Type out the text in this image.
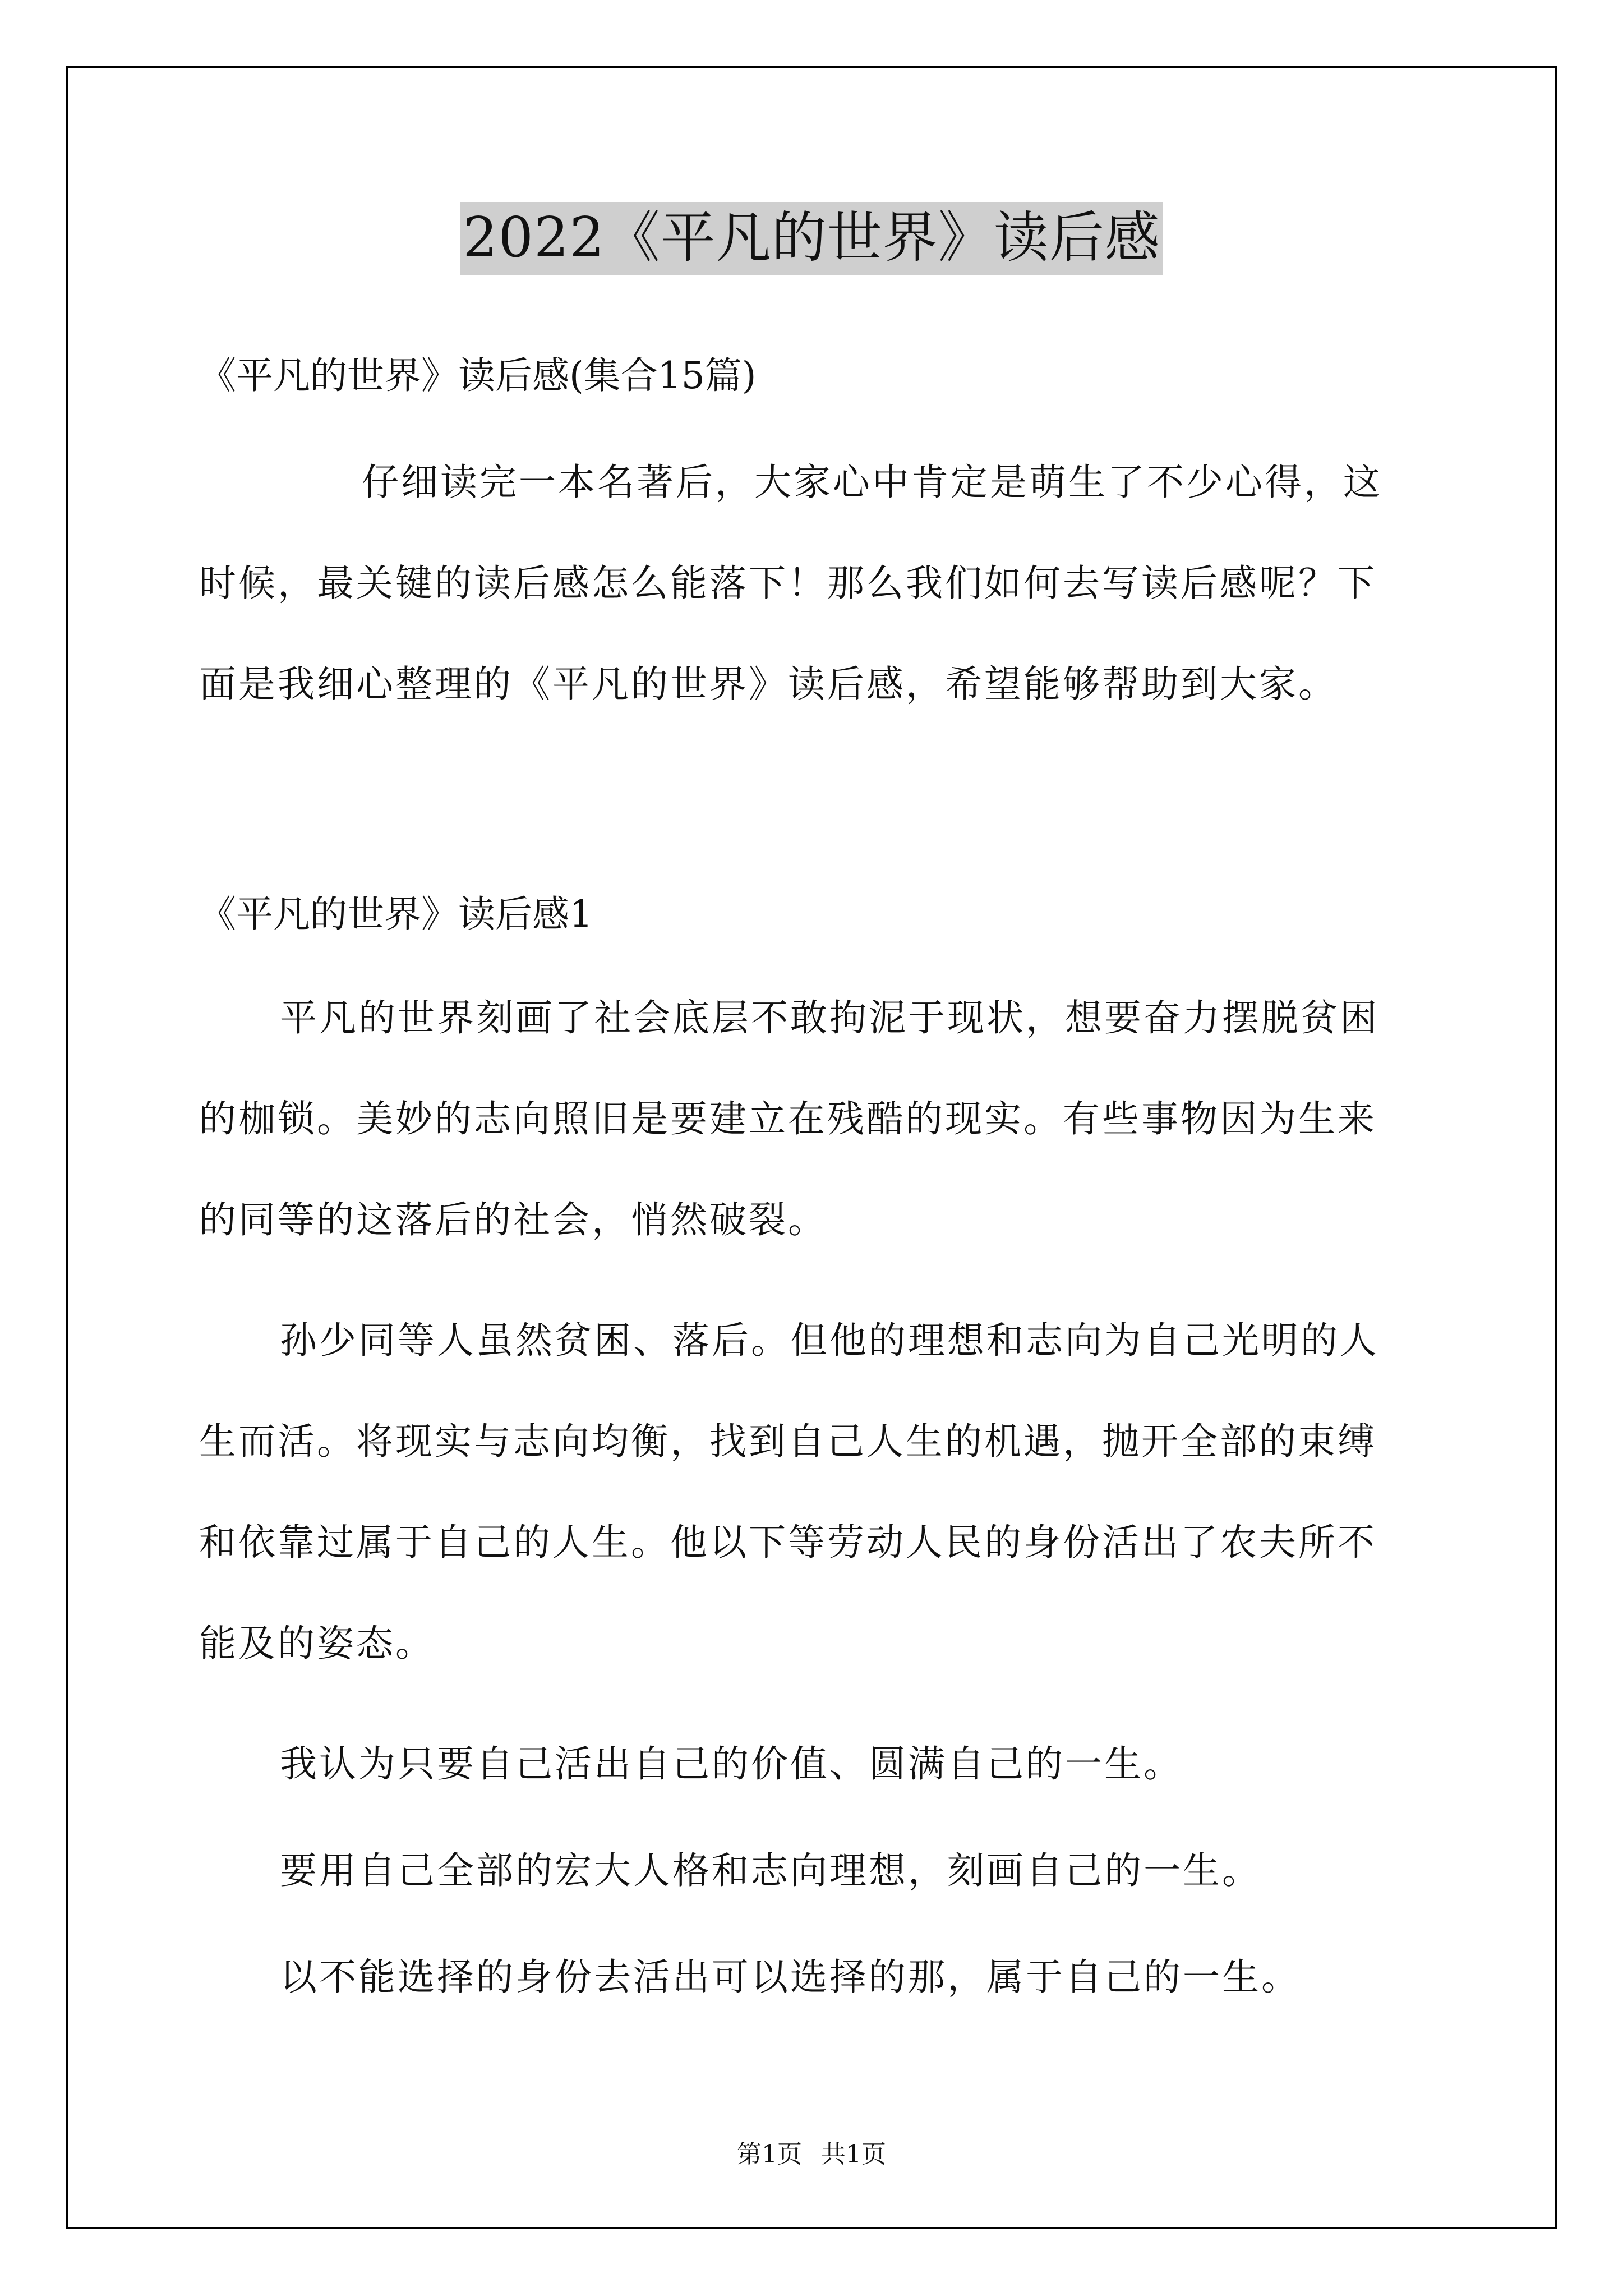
2022《平凡的世界》读后感
《平凡的世界》读后感(集合15篇)
仔细读完一本名著后，大家心中肯定是萌生了不少心得，这
时候，最关键的读后感怎么能落下！那么我们如何去写读后感呢？下
面是我细心整理的《平凡的世界》读后感，希望能够帮助到大家。
《平凡的世界》读后感1
平凡的世界刻画了社会底层不敢拘泥于现状，想要奋力摆脱贫困
的枷锁。美妙的志向照旧是要建立在残酷的现实。有些事物因为生来
的同等的这落后的社会，悄然破裂。
孙少同等人虽然贫困、落后。但他的理想和志向为自己光明的人
生而活。将现实与志向均衡，找到自己人生的机遇，抛开全部的束缚
和依靠过属于自己的人生。他以下等劳动人民的身份活出了农夫所不
能及的姿态。
我认为只要自己活出自己的价值、圆满自己的一生。
要用自己全部的宏大人格和志向理想，刻画自己的一生。
以不能选择的身份去活出可以选择的那，属于自己的一生。
第1页 共1页
